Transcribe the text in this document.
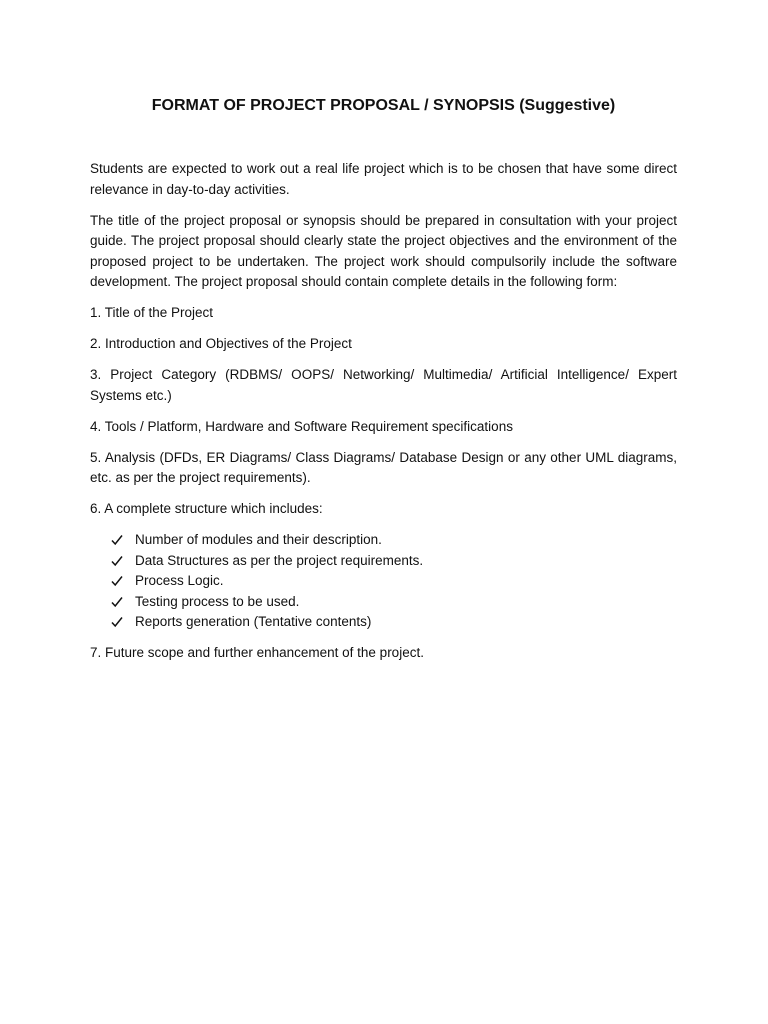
FORMAT OF PROJECT PROPOSAL / SYNOPSIS (Suggestive)

Students are expected to work out a real life project which is to be chosen that have some direct relevance in day-to-day activities.

The title of the project proposal or synopsis should be prepared in consultation with your project guide. The project proposal should clearly state the project objectives and the environment of the proposed project to be undertaken. The project work should compulsorily include the software development. The project proposal should contain complete details in the following form:

1. Title of the Project

2. Introduction and Objectives of the Project

3. Project Category (RDBMS/ OOPS/ Networking/ Multimedia/ Artificial Intelligence/ Expert Systems etc.)

4. Tools / Platform, Hardware and Software Requirement specifications

5. Analysis (DFDs, ER Diagrams/ Class Diagrams/ Database Design or any other UML diagrams, etc. as per the project requirements).

6. A complete structure which includes:

Number of modules and their description.
Data Structures as per the project requirements.
Process Logic.
Testing process to be used.
Reports generation (Tentative contents)

7. Future scope and further enhancement of the project.
